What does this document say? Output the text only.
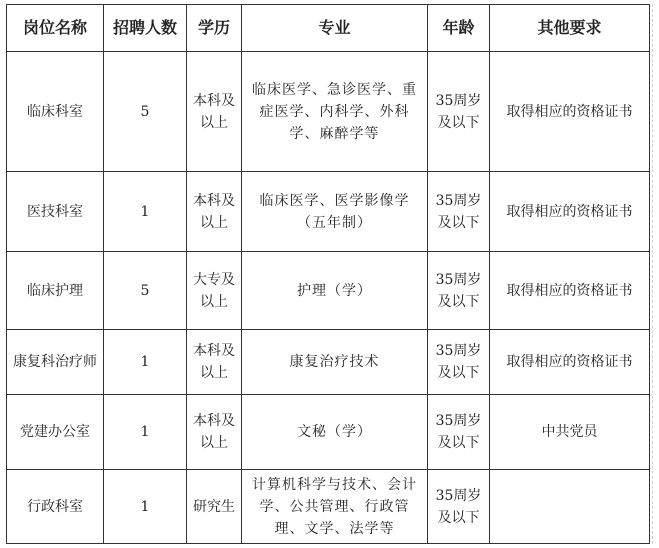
岗位名称	招聘人数	学历	专业	年龄	其他要求
临床科室	5	本科及以上	临床医学、急诊医学、重症医学、内科学、外科学、麻醉学等	35周岁及以下	取得相应的资格证书
医技科室	1	本科及以上	临床医学、医学影像学（五年制）	35周岁及以下	取得相应的资格证书
临床护理	5	大专及以上	护理（学）	35周岁及以下	取得相应的资格证书
康复科治疗师	1	本科及以上	康复治疗技术	35周岁及以下	取得相应的资格证书
党建办公室	1	本科及以上	文秘（学）	35周岁及以下	中共党员
行政科室	1	研究生	计算机科学与技术、会计学、公共管理、行政管理、文学、法学等	35周岁及以下	
